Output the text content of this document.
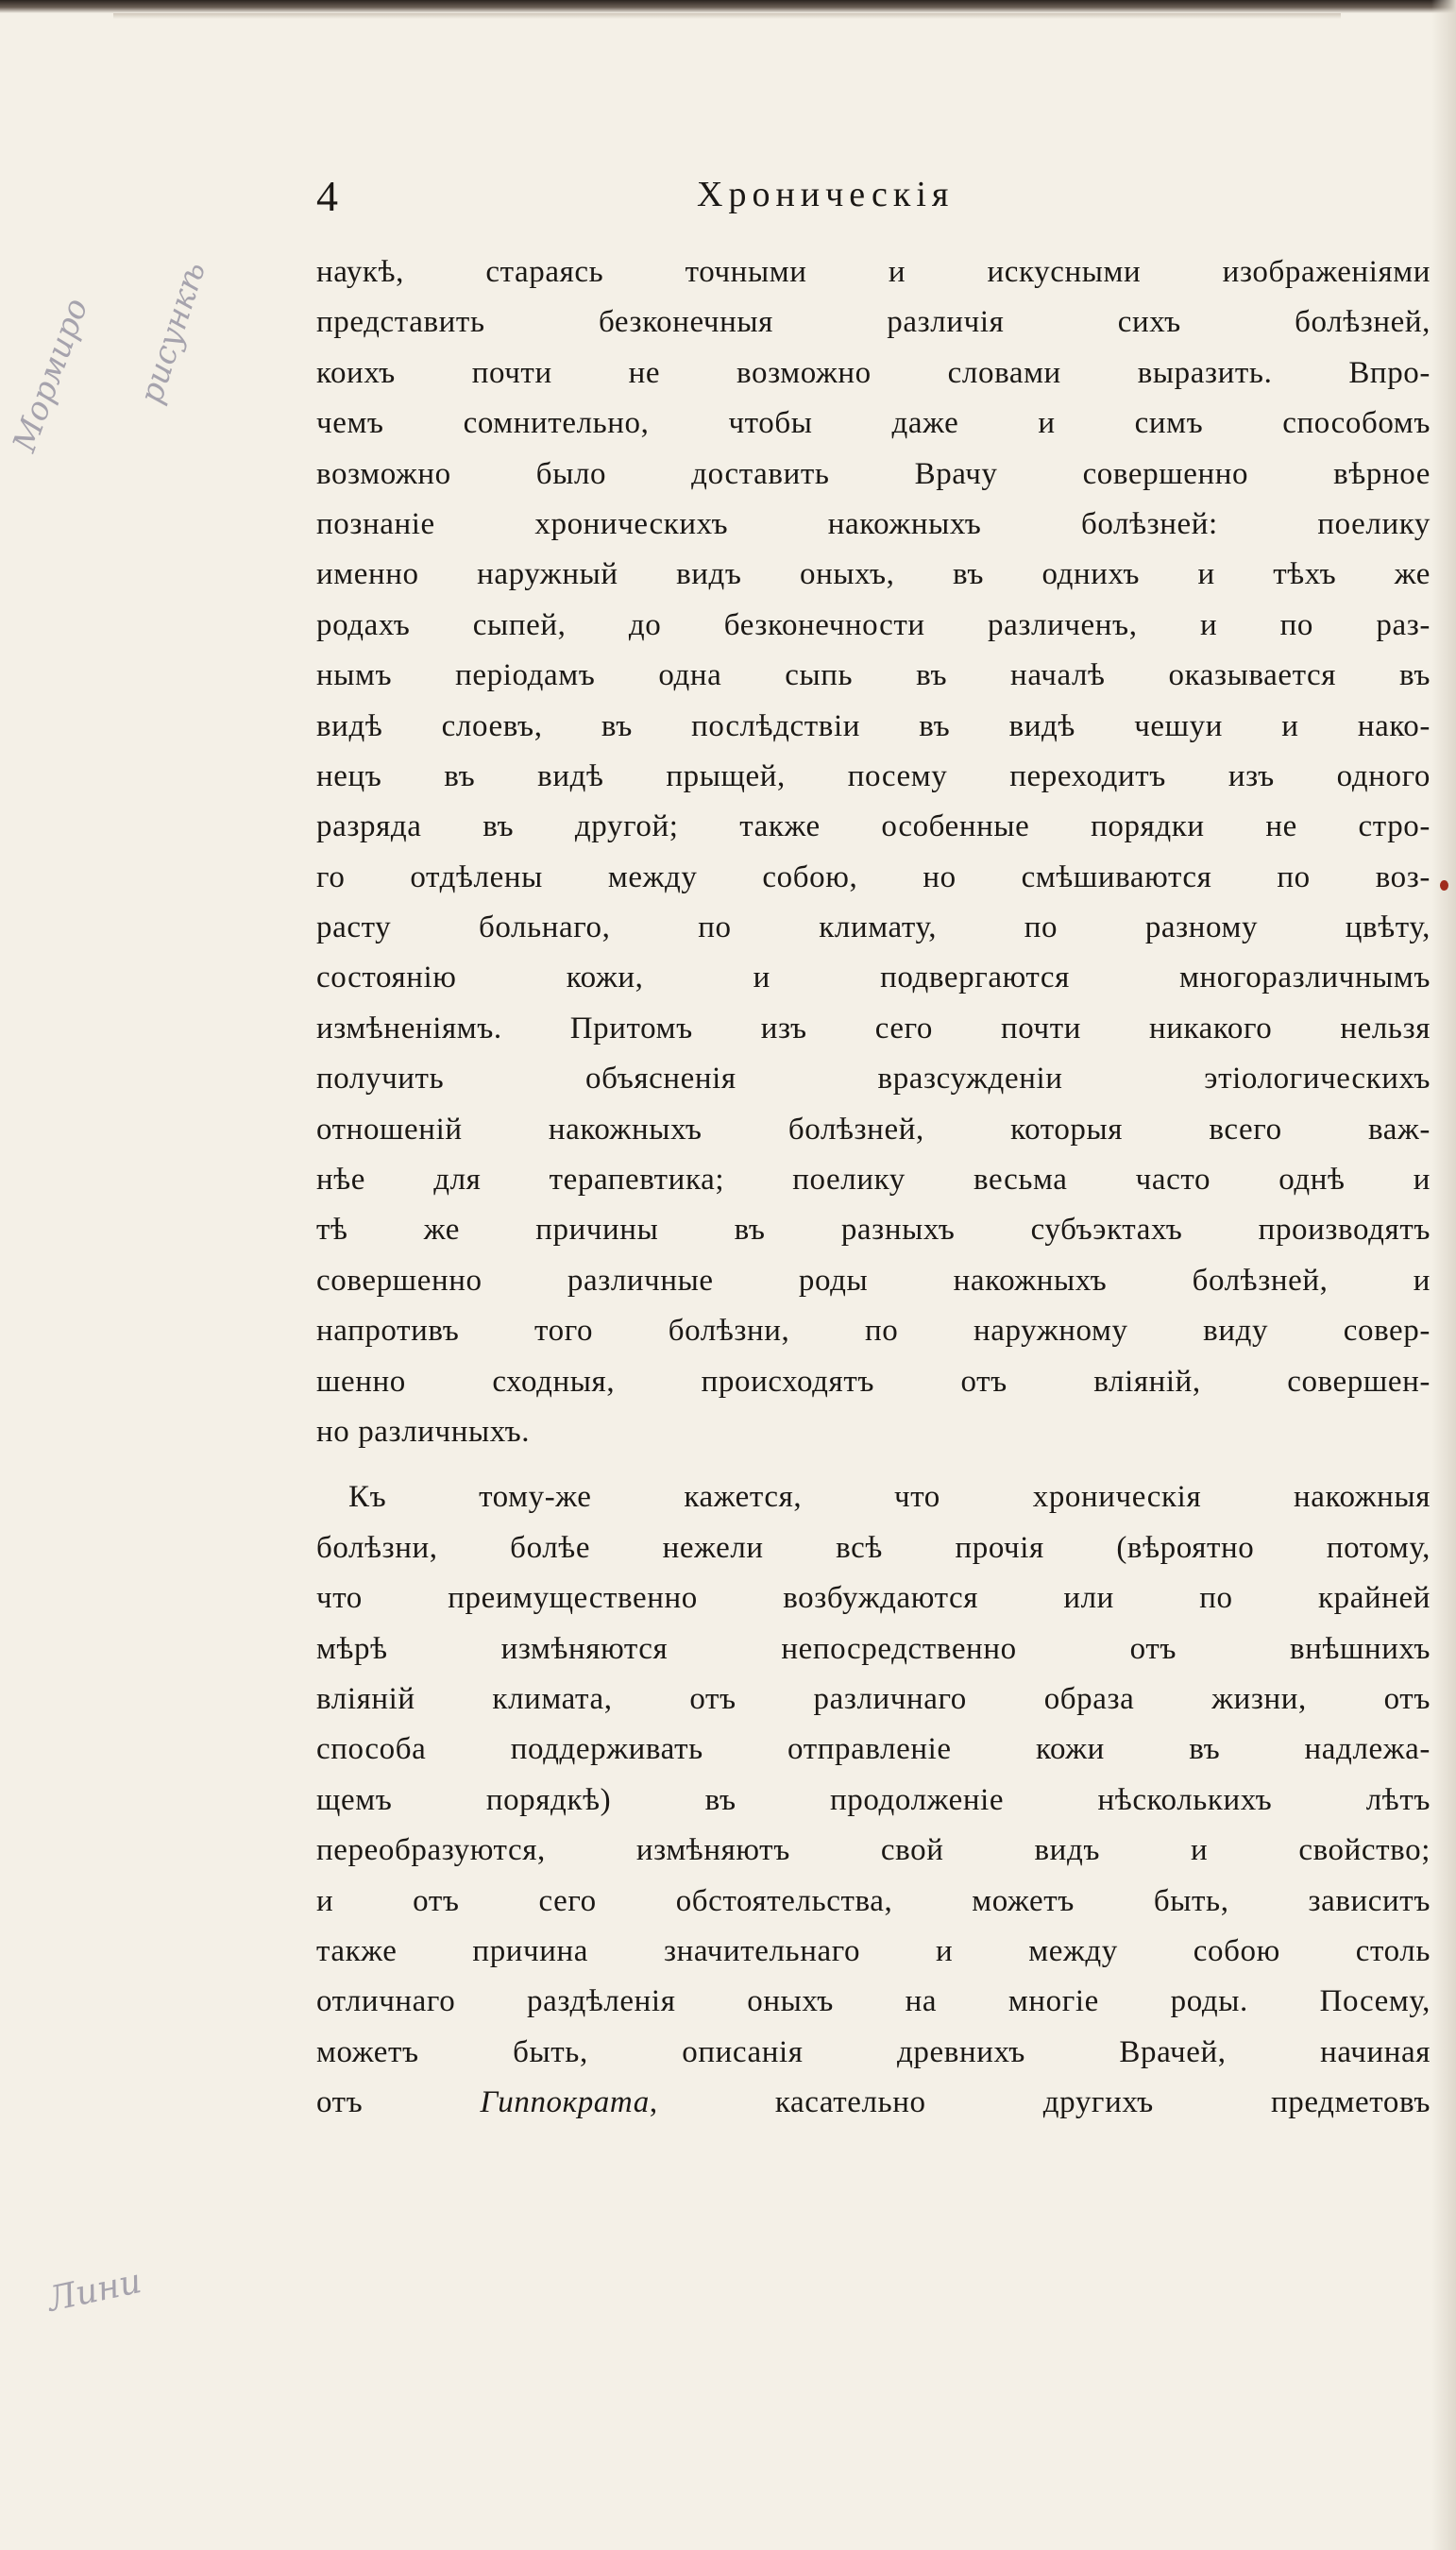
4	Хроническія
Мормиро рисункѣ
Лини
наукѣ, стараясь точными и искусными изображеніями
представить безконечныя различія сихъ болѣзней,
коихъ почти не возможно словами выразить. Впро-
чемъ сомнительно, чтобы даже и симъ способомъ
возможно было доставить Врачу совершенно вѣрное
познаніе хроническихъ накожныхъ болѣзней: поелику
именно наружный видъ оныхъ, въ однихъ и тѣхъ же
родахъ сыпей, до безконечности различенъ, и по раз-
нымъ періодамъ одна сыпь въ началѣ оказывается въ
видѣ слоевъ, въ послѣдствіи въ видѣ чешуи и нако-
нецъ въ видѣ прыщей, посему переходитъ изъ одного
разряда въ другой; также особенные порядки не стро-
го отдѣлены между собою, но смѣшиваются по воз-
расту больнаго, по климату, по разному цвѣту,
состоянію кожи, и подвергаются многоразличнымъ
измѣненіямъ. Притомъ изъ сего почти никакого нельзя
получить объясненія вразсужденіи этіологическихъ
отношеній накожныхъ болѣзней, которыя всего важ-
нѣе для терапевтика; поелику весьма часто однѣ и
тѣ же причины въ разныхъ субъэктахъ производятъ
совершенно различные роды накожныхъ болѣзней, и
напротивъ того болѣзни, по наружному виду совер-
шенно сходныя, происходятъ отъ вліяній, совершен-
но различныхъ.
Къ тому-же кажется, что хроническія накожныя
болѣзни, болѣе нежели всѣ прочія (вѣроятно потому,
что преимущественно возбуждаются или по крайней
мѣрѣ измѣняются непосредственно отъ внѣшнихъ
вліяній климата, отъ различнаго образа жизни, отъ
способа поддерживать отправленіе кожи въ надлежа-
щемъ порядкѣ) въ продолженіе нѣсколькихъ лѣтъ
переобразуются, измѣняютъ свой видъ и свойство;
и отъ сего обстоятельства, можетъ быть, зависитъ
также причина значительнаго и между собою столь
отличнаго раздѣленія оныхъ на многіе роды. Посему,
можетъ быть, описанія древнихъ Врачей, начиная
отъ Гиппократа, касательно другихъ предметовъ
